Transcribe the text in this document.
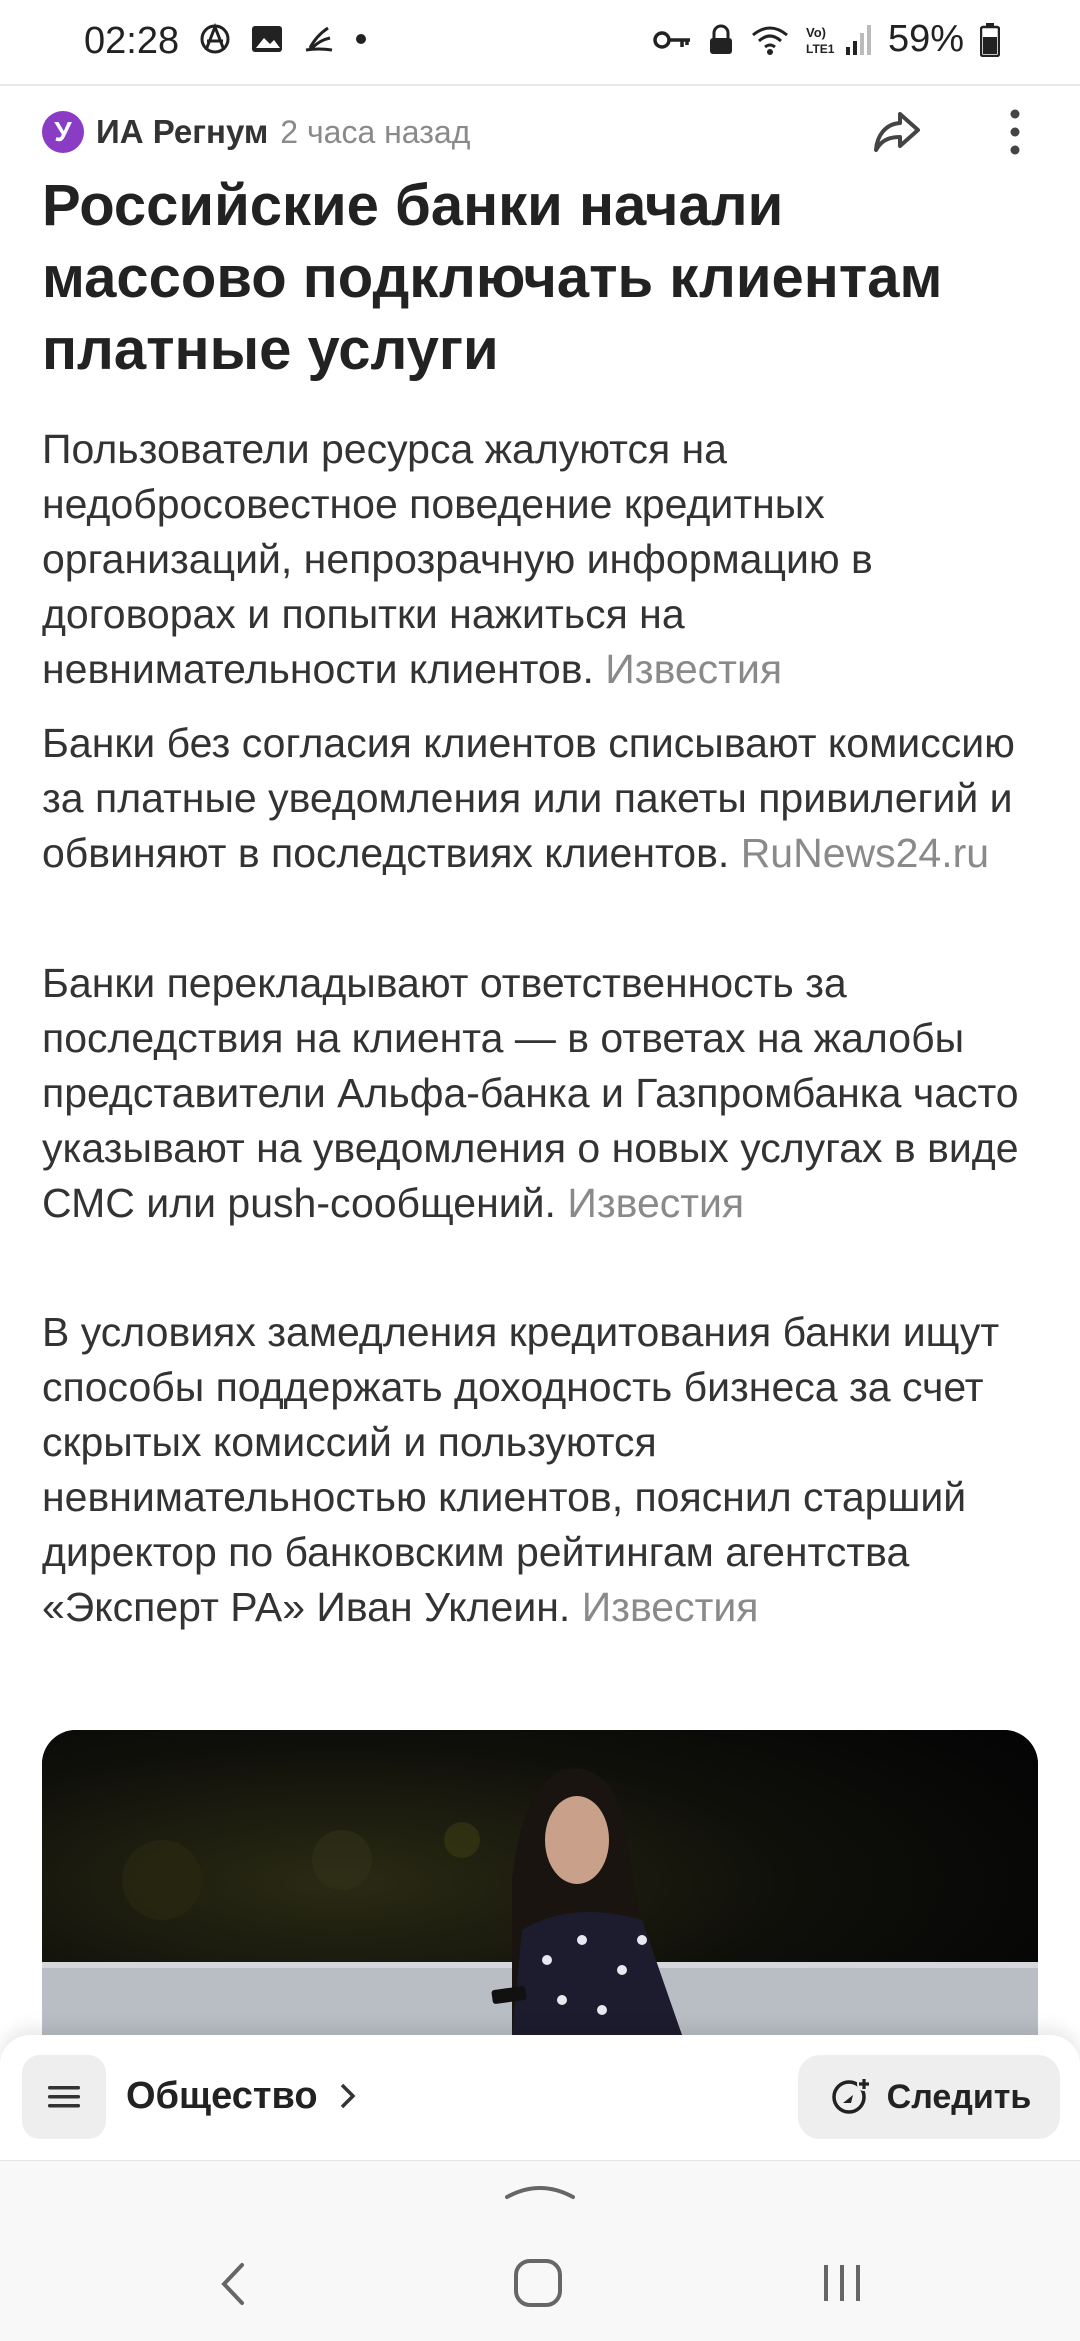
02:28	Vo)
LTE1 59%
У ИА Регнум 2 часа назад
Российские банки начали массово подключать клиентам платные услуги

Пользователи ресурса жалуются на недобросовестное поведение кредитных организаций, непрозрачную информацию в договорах и попытки нажиться на невнимательности клиентов. Известия

Банки без согласия клиентов списывают комиссию за платные уведомления или пакеты привилегий и обвиняют в последствиях клиентов. RuNews24.ru

Банки перекладывают ответственность за последствия на клиента — в ответах на жалобы представители Альфа-банка и Газпромбанка часто указывают на уведомления о новых услугах в виде СМС или push-сообщений. Известия

В условиях замедления кредитования банки ищут способы поддержать доходность бизнеса за счет скрытых комиссий и пользуются невнимательностью клиентов, пояснил старший директор по банковским рейтингам агентства «Эксперт РА» Иван Уклеин. Известия

Общество	Следить
